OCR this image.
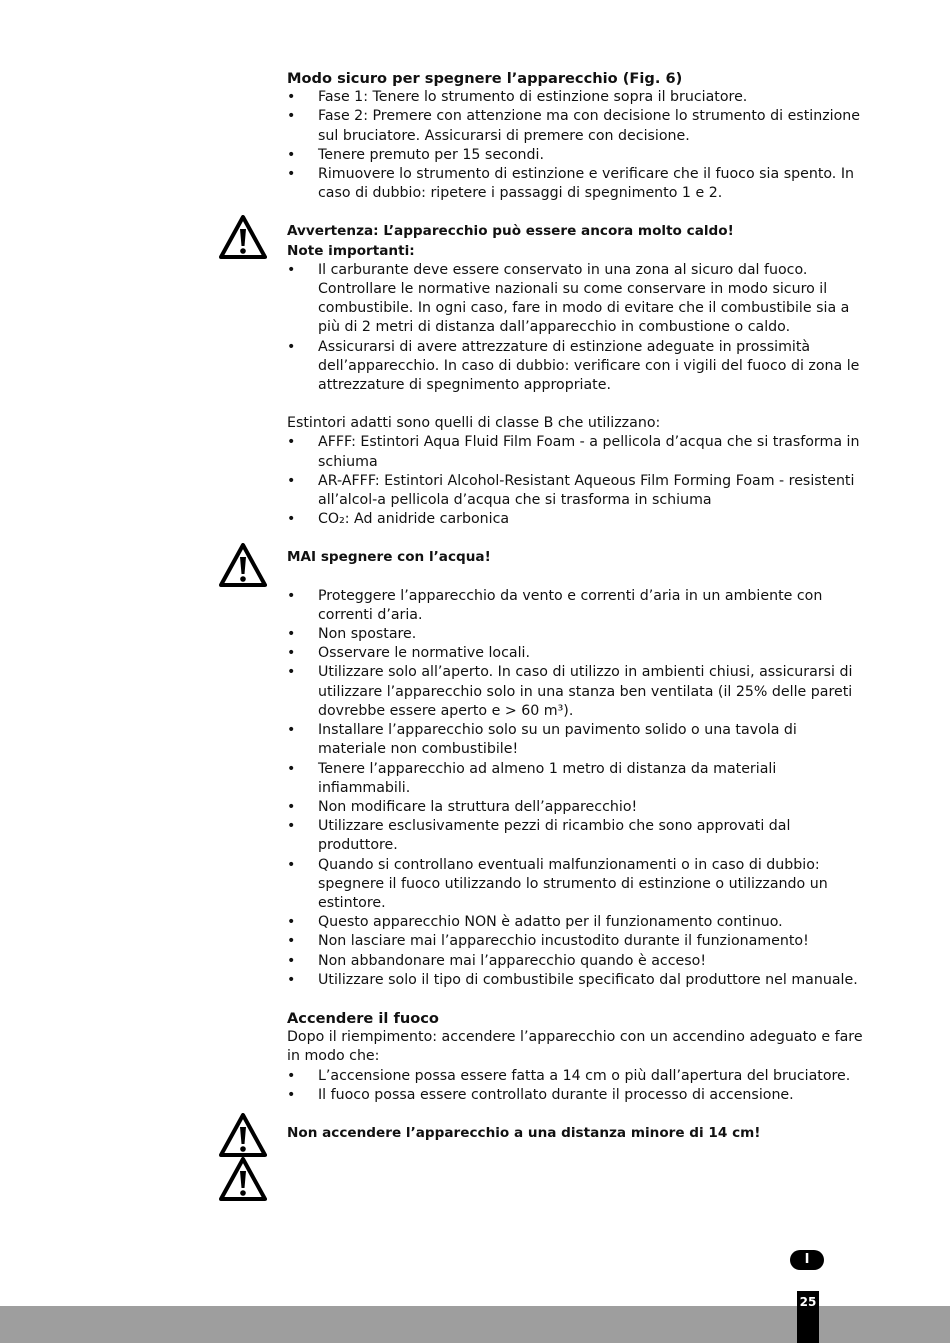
Modo sicuro per spegnere l’apparecchio (Fig. 6)

• Fase 1: Tenere lo strumento di estinzione sopra il bruciatore.
• Fase 2: Premere con attenzione ma con decisione lo strumento di estinzione sul bruciatore. Assicurarsi di premere con decisione.
• Tenere premuto per 15 secondi.
• Rimuovere lo strumento di estinzione e verificare che il fuoco sia spento. In caso di dubbio: ripetere i passaggi di spegnimento 1 e 2.

Avvertenza: L’apparecchio può essere ancora molto caldo!

Note importanti:

• Il carburante deve essere conservato in una zona al sicuro dal fuoco. Controllare le normative nazionali su come conservare in modo sicuro il combustibile. In ogni caso, fare in modo di evitare che il combustibile sia a più di 2 metri di distanza dall’apparecchio in combustione o caldo.
• Assicurarsi di avere attrezzature di estinzione adeguate in prossimità dell’apparecchio. In caso di dubbio: verificare con i vigili del fuoco di zona le attrezzature di spegnimento appropriate.

Estintori adatti sono quelli di classe B che utilizzano:

• AFFF: Estintori Aqua Fluid Film Foam - a pellicola d’acqua che si trasforma in schiuma
• AR-AFFF: Estintori Alcohol-Resistant Aqueous Film Forming Foam - resistenti all’alcol-a pellicola d’acqua che si trasforma in schiuma
• CO₂: Ad anidride carbonica

MAI spegnere con l’acqua!

• Proteggere l’apparecchio da vento e correnti d’aria in un ambiente con correnti d’aria.
• Non spostare.
• Osservare le normative locali.
• Utilizzare solo all’aperto. In caso di utilizzo in ambienti chiusi, assicurarsi di utilizzare l’apparecchio solo in una stanza ben ventilata (il 25% delle pareti dovrebbe essere aperto e > 60 m³).
• Installare l’apparecchio solo su un pavimento solido o una tavola di materiale non combustibile!
• Tenere l’apparecchio ad almeno 1 metro di distanza da materiali infiammabili.
• Non modificare la struttura dell’apparecchio!
• Utilizzare esclusivamente pezzi di ricambio che sono approvati dal produttore.
• Quando si controllano eventuali malfunzionamenti o in caso di dubbio: spegnere il fuoco utilizzando lo strumento di estinzione o utilizzando un estintore.
• Questo apparecchio NON è adatto per il funzionamento continuo.
• Non lasciare mai l’apparecchio incustodito durante il funzionamento!
• Non abbandonare mai l’apparecchio quando è acceso!
• Utilizzare solo il tipo di combustibile specificato dal produttore nel manuale.

Accendere il fuoco

Dopo il riempimento: accendere l’apparecchio con un accendino adeguato e fare in modo che:

• L’accensione possa essere fatta a 14 cm o più dall’apertura del bruciatore.
• Il fuoco possa essere controllato durante il processo di accensione.

Non accendere l’apparecchio a una distanza minore di 14 cm!

I
25
